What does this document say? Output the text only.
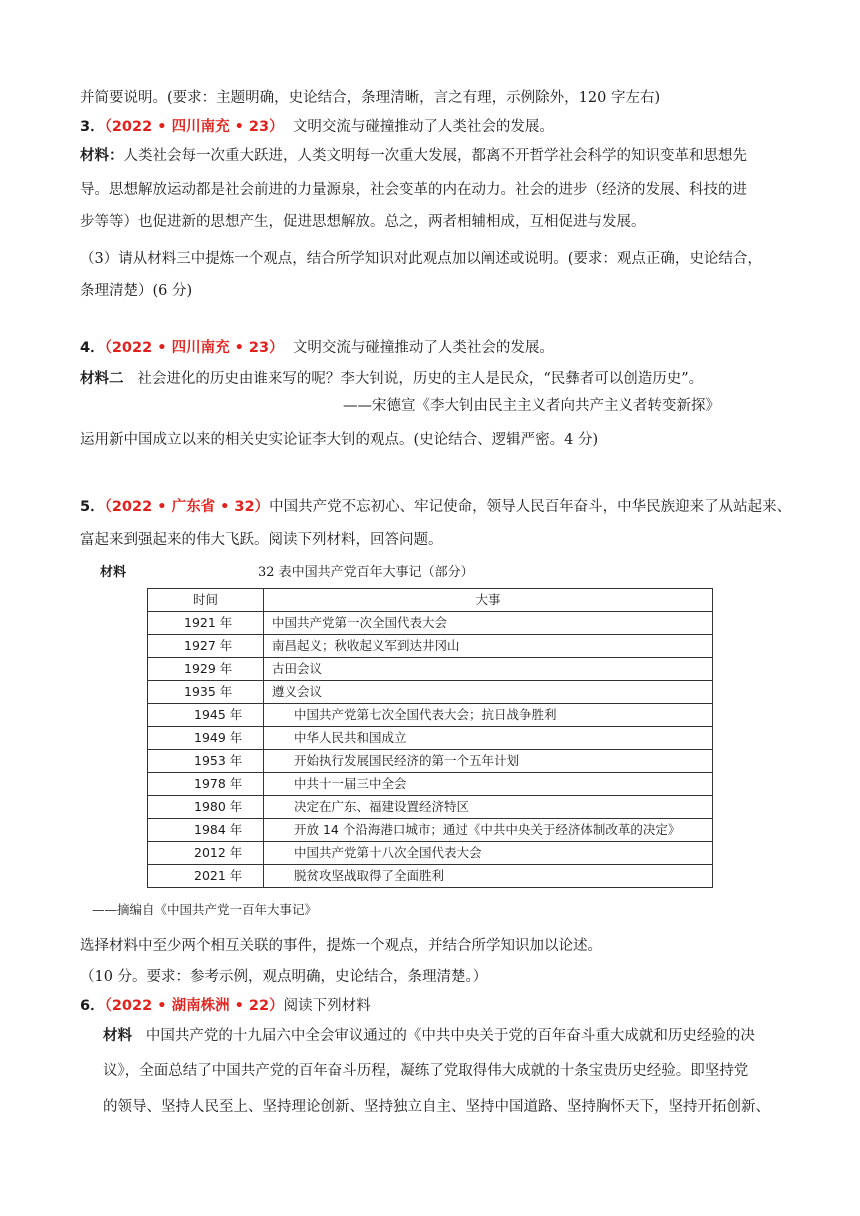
并简要说明。(要求：主题明确，史论结合，条理清晰，言之有理，示例除外，120 字左右)
3．（2022 • 四川南充 • 23） 文明交流与碰撞推动了人类社会的发展。
材料：人类社会每一次重大跃进，人类文明每一次重大发展，都离不开哲学社会科学的知识变革和思想先
导。思想解放运动都是社会前进的力量源泉，社会变革的内在动力。社会的进步（经济的发展、科技的进
步等等）也促进新的思想产生，促进思想解放。总之，两者相辅相成，互相促进与发展。
（3）请从材料三中提炼一个观点，结合所学知识对此观点加以阐述或说明。(要求：观点正确，史论结合，
条理清楚）(6 分)
4．（2022 • 四川南充 • 23） 文明交流与碰撞推动了人类社会的发展。
材料二 社会进化的历史由谁来写的呢？李大钊说，历史的主人是民众，“民彝者可以创造历史”。
——宋德宣《李大钊由民主主义者向共产主义者转变新探》
运用新中国成立以来的相关史实论证李大钊的观点。(史论结合、逻辑严密。4 分)
5．（2022 • 广东省 • 32）中国共产党不忘初心、牢记使命，领导人民百年奋斗，中华民族迎来了从站起来、
富起来到强起来的伟大飞跃。阅读下列材料，回答问题。
材料	32 表中国共产党百年大事记（部分）
时间	大事
1921 年	中国共产党第一次全国代表大会
1927 年	南昌起义；秋收起义军到达井冈山
1929 年	古田会议
1935 年	遵义会议
1945 年	中国共产党第七次全国代表大会；抗日战争胜利
1949 年	中华人民共和国成立
1953 年	开始执行发展国民经济的第一个五年计划
1978 年	中共十一届三中全会
1980 年	决定在广东、福建设置经济特区
1984 年	开放 14 个沿海港口城市；通过《中共中央关于经济体制改革的决定》
2012 年	中国共产党第十八次全国代表大会
2021 年	脱贫攻坚战取得了全面胜利
——摘编自《中国共产党一百年大事记》
选择材料中至少两个相互关联的事件，提炼一个观点，并结合所学知识加以论述。
（10 分。要求：参考示例，观点明确，史论结合，条理清楚。）
6．（2022 • 湖南株洲 • 22）阅读下列材料
材料 中国共产党的十九届六中全会审议通过的《中共中央关于党的百年奋斗重大成就和历史经验的决
议》，全面总结了中国共产党的百年奋斗历程，凝练了党取得伟大成就的十条宝贵历史经验。即坚持党
的领导、坚持人民至上、坚持理论创新、坚持独立自主、坚持中国道路、坚持胸怀天下，坚持开拓创新、
